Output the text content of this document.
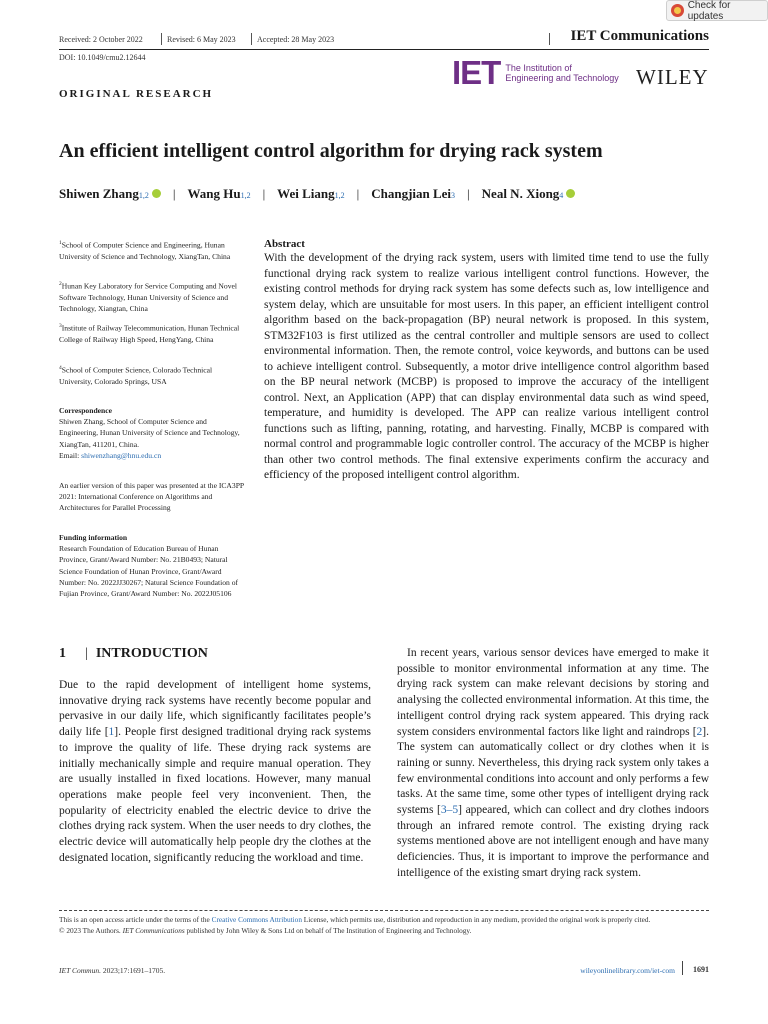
Check for updates
Received: 2 October 2022	Revised: 6 May 2023	Accepted: 28 May 2023	IET Communications
DOI: 10.1049/cmu2.12644	IET The Institution of
Engineering and Technology WILEY
ORIGINAL RESEARCH
An efficient intelligent control algorithm for drying rack system
Shiwen Zhang 1,2 | Wang Hu 1,2 | Wei Liang 1,2 | Changjian Lei 3 | Neal N. Xiong 4
$^1$School of Computer Science and Engineering, Hunan University of Science and Technology, XiangTan, China
$^2$Hunan Key Laboratory for Service Computing and Novel Software Technology, Hunan University of Science and Technology, Xiangtan, China
$^3$Institute of Railway Telecommunication, Hunan Technical College of Railway High Speed, HengYang, China
$^4$School of Computer Science, Colorado Technical University, Colorado Springs, USA
Correspondence
Shiwen Zhang, School of Computer Science and Engineering, Hunan University of Science and Technology, XiangTan, 411201, China.
Email: shiwenzhang@hnu.edu.cn
An earlier version of this paper was presented at the ICA3PP 2021: International Conference on Algorithms and Architectures for Parallel Processing
Funding information
Research Foundation of Education Bureau of Hunan Province, Grant/Award Number: No. 21B0493; Natural Science Foundation of Hunan Province, Grant/Award Number: No. 2022JJ30267; Natural Science Foundation of Fujian Province, Grant/Award Number: No. 2022J05106
Abstract

With the development of the drying rack system, users with limited time tend to use the fully functional drying rack system to realize various intelligent control functions. However, the existing control methods for drying rack system has some defects such as, low intelligence and system delay, which are unsuitable for most users. In this paper, an efficient intelligent control algorithm based on the back-propagation (BP) neural network is proposed. In this system, STM32F103 is first utilized as the central controller and multiple sensors are used to collect environmental information. Then, the remote control, voice keywords, and buttons can be used to achieve intelligent control. Subsequently, a motor drive intelligence control algorithm based on the BP neural network (MCBP) is proposed to improve the accuracy of the intelligent control. Next, an Application (APP) that can display environmental data such as wind speed, temperature, and humidity is developed. The APP can realize various intelligent control functions such as lifting, panning, rotating, and harvesting. Finally, MCBP is compared with normal control and programmable logic controller control. The accuracy of the MCBP is higher than other two control methods. The final extensive experiments confirm the accuracy and efficiency of the proposed intelligent control algorithm.

1 | INTRODUCTION

Due to the rapid development of intelligent home systems, innovative drying rack systems have recently become popular and pervasive in our daily life, which significantly facilitates people’s daily life [1]. People first designed traditional drying rack systems to improve the quality of life. These drying rack systems are initially mechanically simple and require manual operation. They are usually installed in fixed locations. However, many manual operations make people feel very inconvenient. Then, the popularity of electricity enabled the electric device to drive the clothes drying rack system. When the user needs to dry clothes, the electric device will automatically help people dry the clothes at the designated location, significantly reducing the workload and time.

In recent years, various sensor devices have emerged to make it possible to monitor environmental information at any time. The drying rack system can make relevant decisions by storing and analysing the collected environmental information. At this time, the intelligent control drying rack system appeared. This drying rack system considers environmental factors like light and raindrops [2]. The system can automatically collect or dry clothes when it is raining or sunny. Nevertheless, this drying rack system only takes a few environmental conditions into account and only performs a few tasks. At the same time, some other types of intelligent drying rack systems [3–5] appeared, which can collect and dry clothes indoors through an infrared remote control. The existing drying rack systems mentioned above are not intelligent enough and have many deficiencies. Thus, it is important to improve the performance and intelligence of the existing smart drying rack system.

This is an open access article under the terms of the Creative Commons Attribution License, which permits use, distribution and reproduction in any medium, provided the original work is properly cited.
© 2023 The Authors. IET Communications published by John Wiley & Sons Ltd on behalf of The Institution of Engineering and Technology.
IET Commun. 2023;17:1691–1705.	wileyonlinelibrary.com/iet-com 1691
